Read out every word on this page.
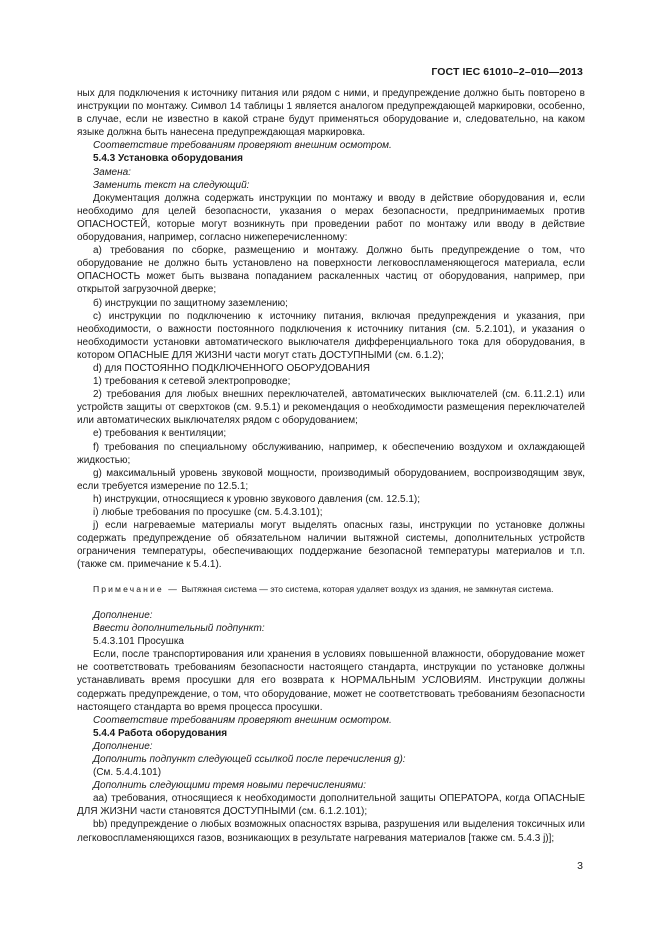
ГОСТ IEC 61010–2–010—2013

ных для подключения к источнику питания или рядом с ними, и предупреждение должно быть повторено в инструкции по монтажу. Символ 14 таблицы 1 является аналогом предупреждающей маркировки, особенно, в случае, если не известно в какой стране будут применяться оборудование и, следовательно, на каком языке должна быть нанесена предупреждающая маркировка.

Соответствие требованиям проверяют внешним осмотром.

5.4.3 Установка оборудования

Замена:

Заменить текст на следующий:

Документация должна содержать инструкции по монтажу и вводу в действие оборудования и, если необходимо для целей безопасности, указания о мерах безопасности, предпринимаемых против ОПАСНОСТЕЙ, которые могут возникнуть при проведении работ по монтажу или вводу в действие оборудования, например, согласно нижеперечисленному:

а) требования по сборке, размещению и монтажу. Должно быть предупреждение о том, что оборудование не должно быть установлено на поверхности легковоспламеняющегося материала, если ОПАСНОСТЬ может быть вызвана попаданием раскаленных частиц от оборудования, например, при открытой загрузочной дверке;

б) инструкции по защитному заземлению;

с) инструкции по подключению к источнику питания, включая предупреждения и указания, при необходимости, о важности постоянного подключения к источнику питания (см. 5.2.101), и указания о необходимости установки автоматического выключателя дифференциального тока для оборудования, в котором ОПАСНЫЕ ДЛЯ ЖИЗНИ части могут стать ДОСТУПНЫМИ (см. 6.1.2);

d) для ПОСТОЯННО ПОДКЛЮЧЕННОГО ОБОРУДОВАНИЯ

1) требования к сетевой электропроводке;

2) требования для любых внешних переключателей, автоматических выключателей (см. 6.11.2.1) или устройств защиты от сверхтоков (см. 9.5.1) и рекомендация о необходимости размещения переключателей или автоматических выключателях рядом с оборудованием;

е) требования к вентиляции;

f) требования по специальному обслуживанию, например, к обеспечению воздухом и охлаждающей жидкостью;

g) максимальный уровень звуковой мощности, производимый оборудованием, воспроизводящим звук, если требуется измерение по 12.5.1;

h) инструкции, относящиеся к уровню звукового давления (см. 12.5.1);

i) любые требования по просушке (см. 5.4.3.101);

j) если нагреваемые материалы могут выделять опасных газы, инструкции по установке должны содержать предупреждение об обязательном наличии вытяжной системы, дополнительных устройств ограничения температуры, обеспечивающих поддержание безопасной температуры материалов и т.п. (также см. примечание к 5.4.1).

Примечание — Вытяжная система — это система, которая удаляет воздух из здания, не замкнутая система.

Дополнение:

Ввести дополнительный подпункт:

5.4.3.101 Просушка

Если, после транспортирования или хранения в условиях повышенной влажности, оборудование может не соответствовать требованиям безопасности настоящего стандарта, инструкции по установке должны устанавливать время просушки для его возврата к НОРМАЛЬНЫМ УСЛОВИЯМ. Инструкции должны содержать предупреждение, о том, что оборудование, может не соответствовать требованиям безопасности настоящего стандарта во время процесса просушки.

Соответствие требованиям проверяют внешним осмотром.

5.4.4 Работа оборудования

Дополнение:

Дополнить подпункт следующей ссылкой после перечисления g):

(См. 5.4.4.101)

Дополнить следующими тремя новыми перечислениями:

аа) требования, относящиеся к необходимости дополнительной защиты ОПЕРАТОРА, когда ОПАСНЫЕ ДЛЯ ЖИЗНИ части становятся ДОСТУПНЫМИ (см. 6.1.2.101);

bb) предупреждение о любых возможных опасностях взрыва, разрушения или выделения токсичных или легковоспламеняющихся газов, возникающих в результате нагревания материалов [также см. 5.4.3 j)];

3
